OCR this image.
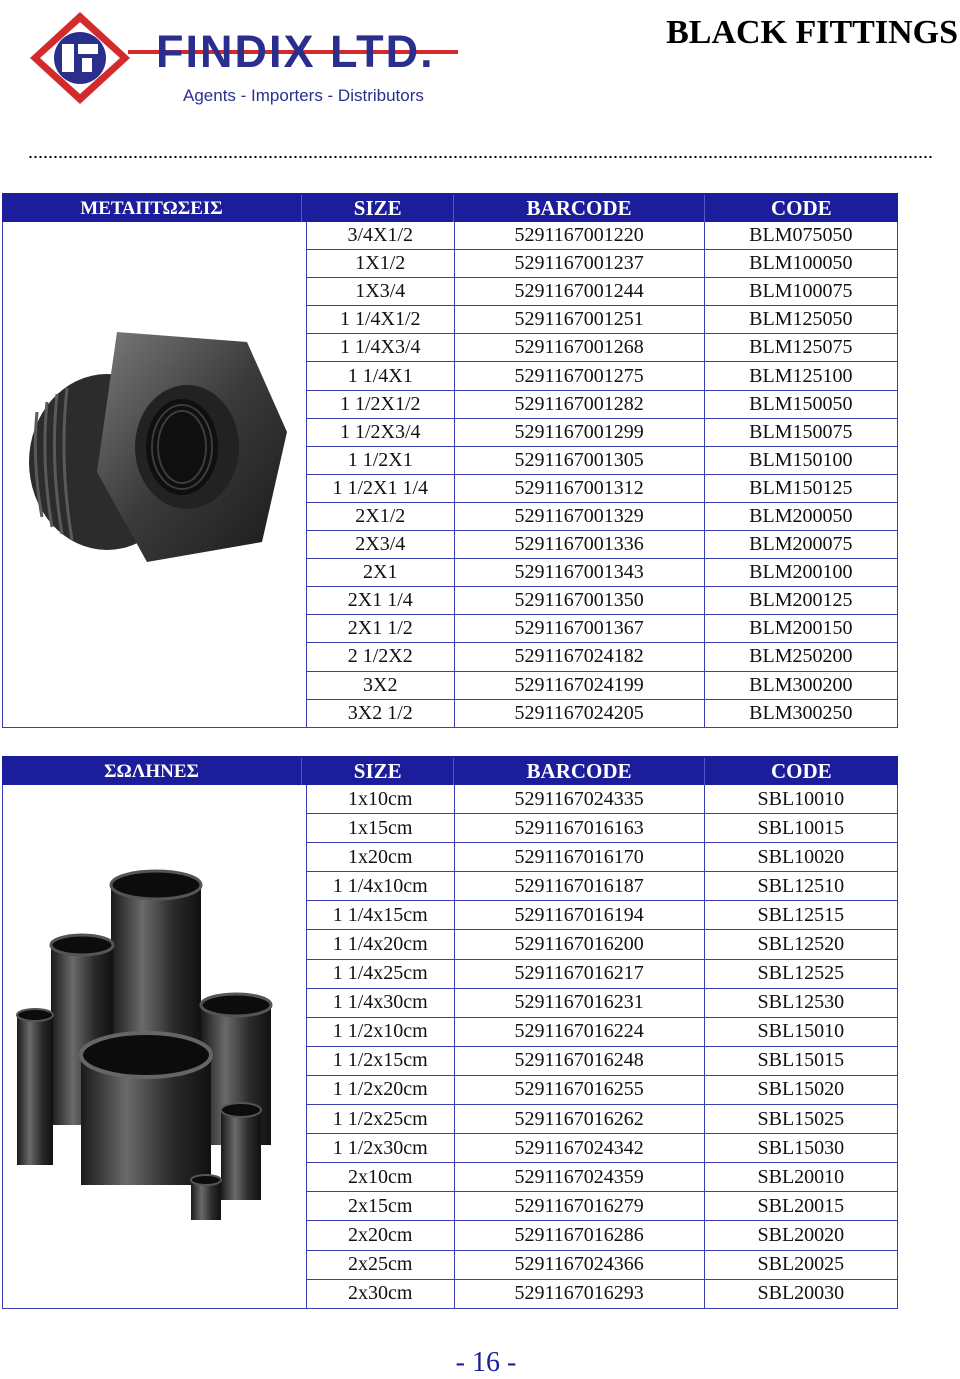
FINDIX LTD.
Agents - Importers - Distributors
BLACK FITTINGS
ΜΕΤΑΠΤΩΣΕΙΣ	SIZE	BARCODE	CODE
3/4X1/2	5291167001220	BLM075050
1X1/2	5291167001237	BLM100050
1X3/4	5291167001244	BLM100075
1 1/4X1/2	5291167001251	BLM125050
1 1/4X3/4	5291167001268	BLM125075
1 1/4X1	5291167001275	BLM125100
1 1/2X1/2	5291167001282	BLM150050
1 1/2X3/4	5291167001299	BLM150075
1 1/2X1	5291167001305	BLM150100
1 1/2X1 1/4	5291167001312	BLM150125
2X1/2	5291167001329	BLM200050
2X3/4	5291167001336	BLM200075
2X1	5291167001343	BLM200100
2X1 1/4	5291167001350	BLM200125
2X1 1/2	5291167001367	BLM200150
2 1/2X2	5291167024182	BLM250200
3X2	5291167024199	BLM300200
3X2 1/2	5291167024205	BLM300250
ΣΩΛΗΝΕΣ	SIZE	BARCODE	CODE
1x10cm	5291167024335	SBL10010
1x15cm	5291167016163	SBL10015
1x20cm	5291167016170	SBL10020
1 1/4x10cm	5291167016187	SBL12510
1 1/4x15cm	5291167016194	SBL12515
1 1/4x20cm	5291167016200	SBL12520
1 1/4x25cm	5291167016217	SBL12525
1 1/4x30cm	5291167016231	SBL12530
1 1/2x10cm	5291167016224	SBL15010
1 1/2x15cm	5291167016248	SBL15015
1 1/2x20cm	5291167016255	SBL15020
1 1/2x25cm	5291167016262	SBL15025
1 1/2x30cm	5291167024342	SBL15030
2x10cm	5291167024359	SBL20010
2x15cm	5291167016279	SBL20015
2x20cm	5291167016286	SBL20020
2x25cm	5291167024366	SBL20025
2x30cm	5291167016293	SBL20030
- 16 -
